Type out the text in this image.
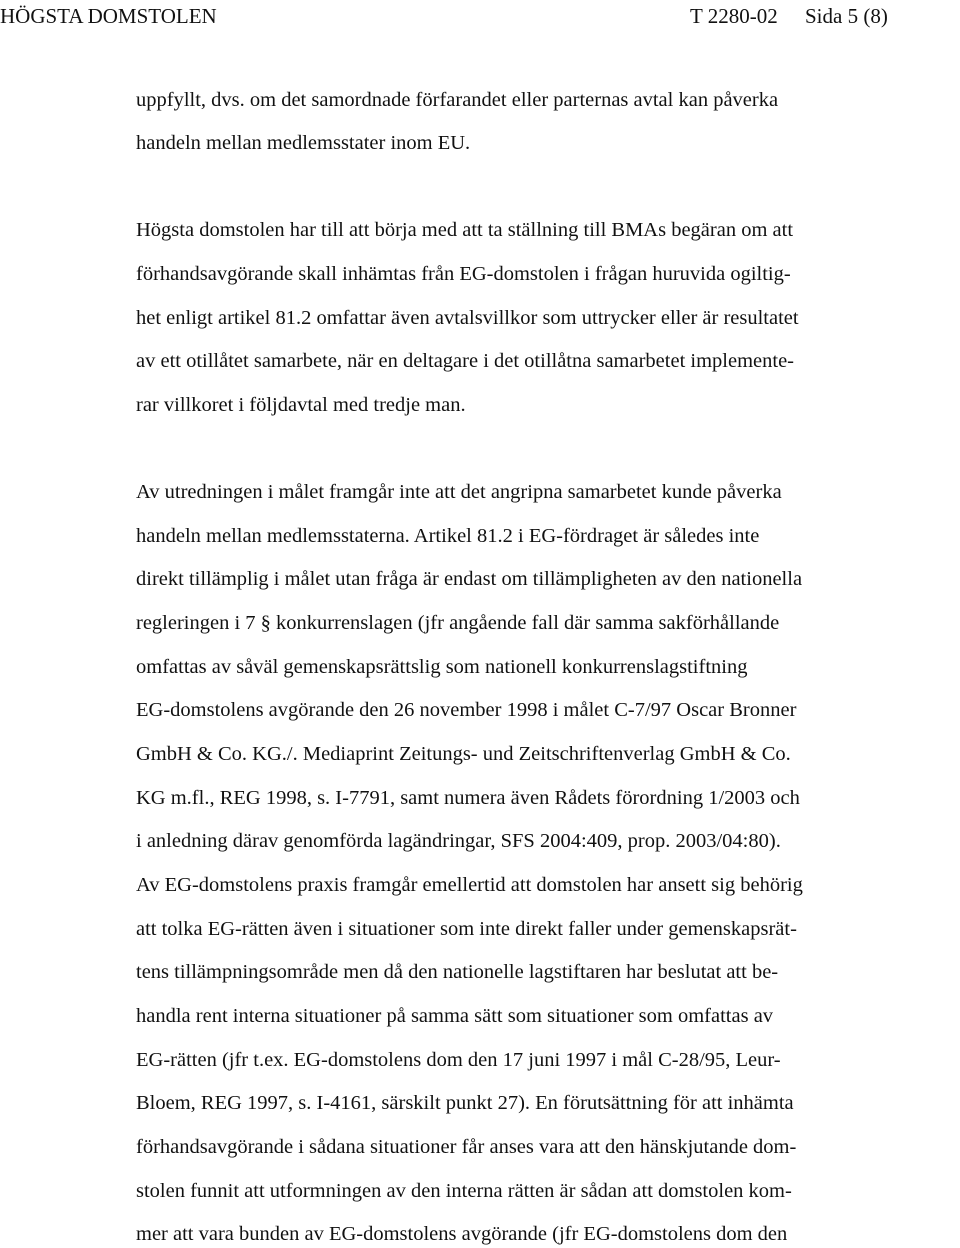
HÖGSTA DOMSTOLEN	T 2280-02 Sida 5 (8)
uppfyllt, dvs. om det samordnade förfarandet eller parternas avtal kan påverka
handeln mellan medlemsstater inom EU.
Högsta domstolen har till att börja med att ta ställning till BMAs begäran om att
förhandsavgörande skall inhämtas från EG-domstolen i frågan huruvida ogiltig-
het enligt artikel 81.2 omfattar även avtalsvillkor som uttrycker eller är resultatet
av ett otillåtet samarbete, när en deltagare i det otillåtna samarbetet implemente-
rar villkoret i följdavtal med tredje man.
Av utredningen i målet framgår inte att det angripna samarbetet kunde påverka
handeln mellan medlemsstaterna. Artikel 81.2 i EG-fördraget är således inte
direkt tillämplig i målet utan fråga är endast om tillämpligheten av den nationella
regleringen i 7 § konkurrenslagen (jfr angående fall där samma sakförhållande
omfattas av såväl gemenskapsrättslig som nationell konkurrenslagstiftning
EG-domstolens avgörande den 26 november 1998 i målet C-7/97 Oscar Bronner
GmbH & Co. KG./. Mediaprint Zeitungs- und Zeitschriftenverlag GmbH & Co.
KG m.fl., REG 1998, s. I-7791, samt numera även Rådets förordning 1/2003 och
i anledning därav genomförda lagändringar, SFS 2004:409, prop. 2003/04:80).
Av EG-domstolens praxis framgår emellertid att domstolen har ansett sig behörig
att tolka EG-rätten även i situationer som inte direkt faller under gemenskapsrät-
tens tillämpningsområde men då den nationelle lagstiftaren har beslutat att be-
handla rent interna situationer på samma sätt som situationer som omfattas av
EG-rätten (jfr t.ex. EG-domstolens dom den 17 juni 1997 i mål C-28/95, Leur-
Bloem, REG 1997, s. I-4161, särskilt punkt 27). En förutsättning för att inhämta
förhandsavgörande i sådana situationer får anses vara att den hänskjutande dom-
stolen funnit att utformningen av den interna rätten är sådan att domstolen kom-
mer att vara bunden av EG-domstolens avgörande (jfr EG-domstolens dom den
